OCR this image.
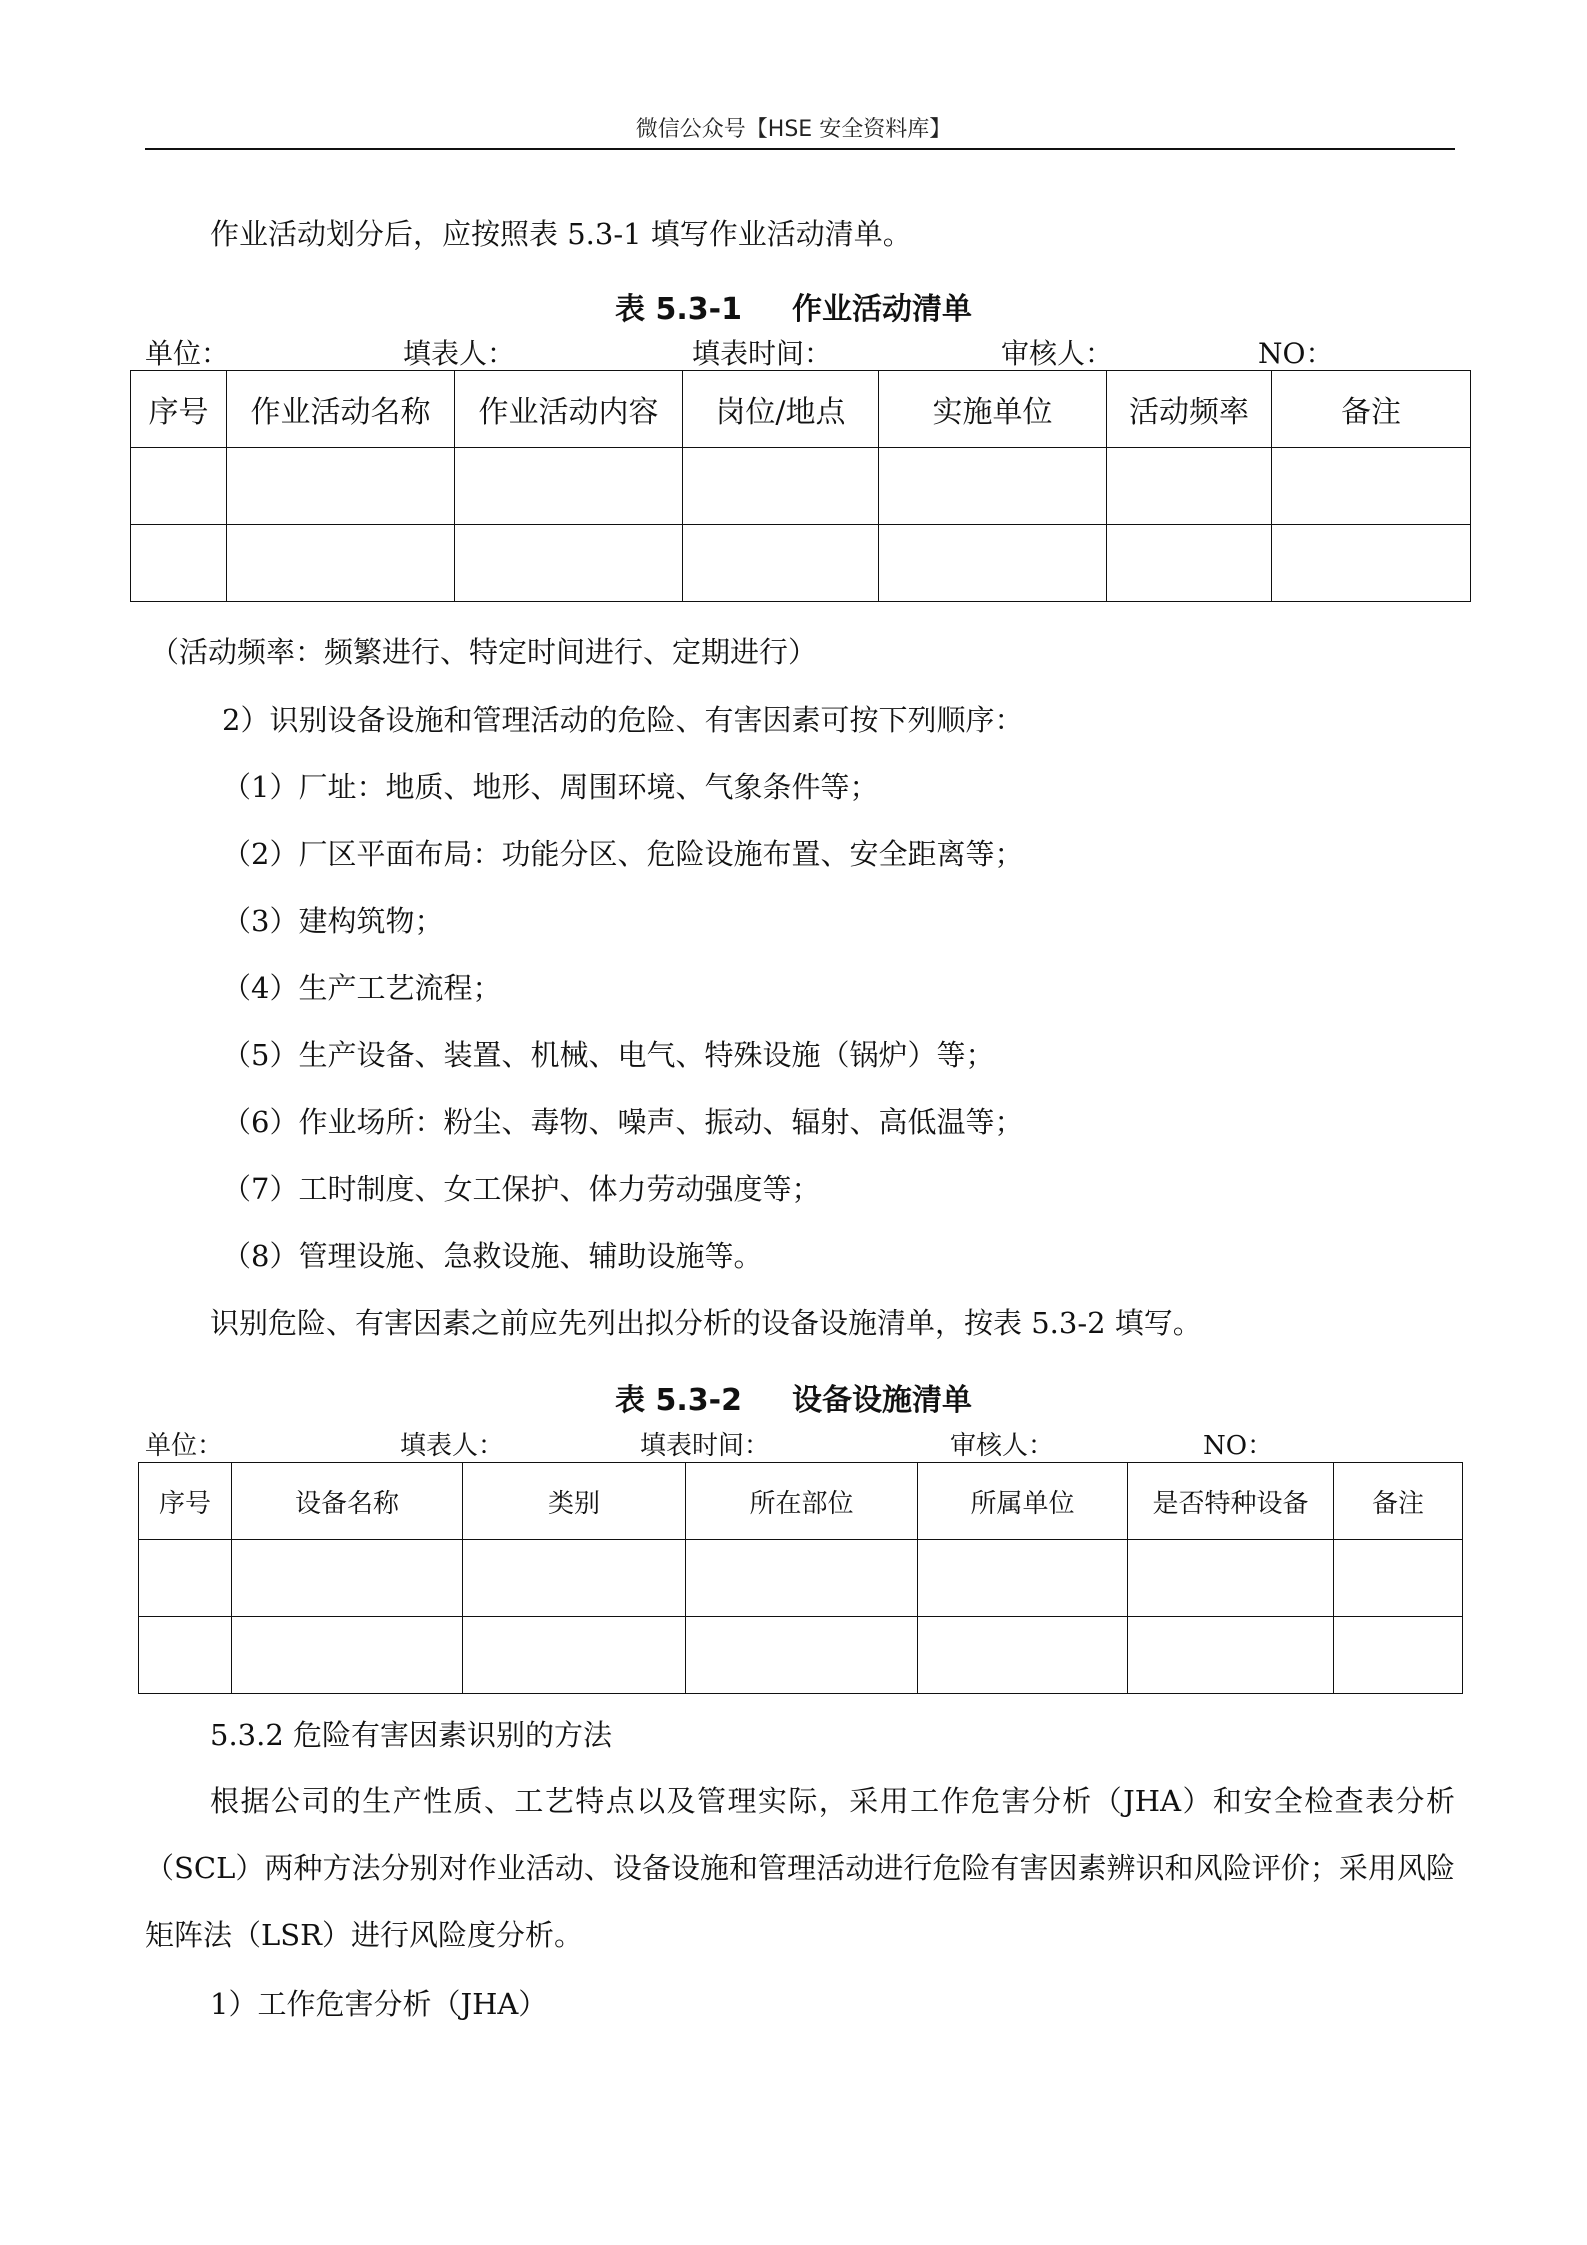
微信公众号【HSE 安全资料库】
作业活动划分后，应按照表 5.3-1 填写作业活动清单。
表 5.3-1 作业活动清单
单位：	填表人：	填表时间：	审核人：	NO：
序号	作业活动名称	作业活动内容	岗位/地点	实施单位	活动频率	备注

（活动频率：频繁进行、特定时间进行、定期进行）
2）识别设备设施和管理活动的危险、有害因素可按下列顺序：
（1）厂址：地质、地形、周围环境、气象条件等；
（2）厂区平面布局：功能分区、危险设施布置、安全距离等；
（3）建构筑物；
（4）生产工艺流程；
（5）生产设备、装置、机械、电气、特殊设施（锅炉）等；
（6）作业场所：粉尘、毒物、噪声、振动、辐射、高低温等；
（7）工时制度、女工保护、体力劳动强度等；
（8）管理设施、急救设施、辅助设施等。
识别危险、有害因素之前应先列出拟分析的设备设施清单，按表 5.3-2 填写。
表 5.3-2 设备设施清单
单位：	填表人：	填表时间：	审核人：	NO：
序号	设备名称	类别	所在部位	所属单位	是否特种设备	备注

5.3.2 危险有害因素识别的方法
根据公司的生产性质、工艺特点以及管理实际，采用工作危害分析（JHA）和安全检查表分析（SCL）两种方法分别对作业活动、设备设施和管理活动进行危险有害因素辨识和风险评价；采用风险矩阵法（LSR）进行风险度分析。
1）工作危害分析（JHA）
